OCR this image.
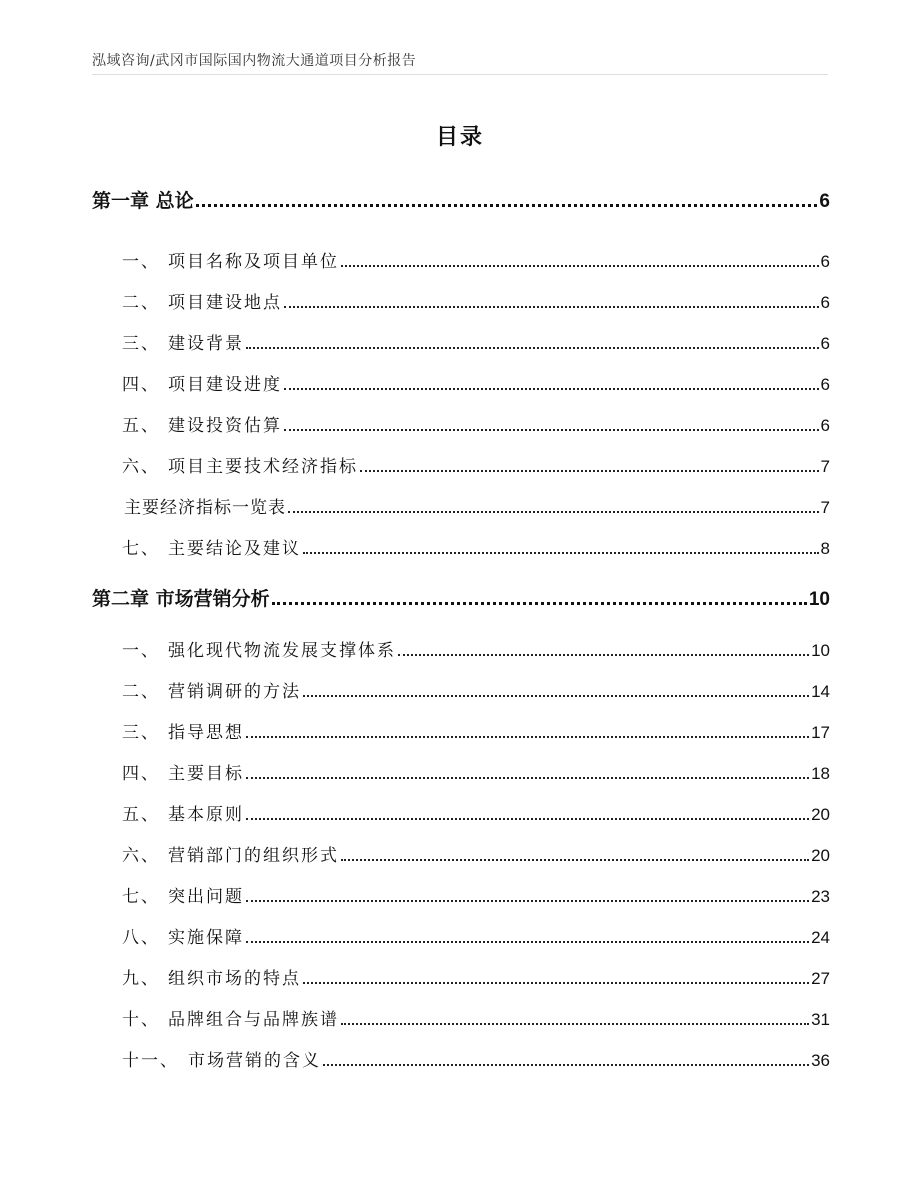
泓域咨询/武冈市国际国内物流大通道项目分析报告
目录
第一章 总论	6
一、 项目名称及项目单位	6
二、 项目建设地点	6
三、 建设背景	6
四、 项目建设进度	6
五、 建设投资估算	6
六、 项目主要技术经济指标	7
主要经济指标一览表	7
七、 主要结论及建议	8
第二章 市场营销分析	10
一、 强化现代物流发展支撑体系	10
二、 营销调研的方法	14
三、 指导思想	17
四、 主要目标	18
五、 基本原则	20
六、 营销部门的组织形式	20
七、 突出问题	23
八、 实施保障	24
九、 组织市场的特点	27
十、 品牌组合与品牌族谱	31
十一、 市场营销的含义	36
